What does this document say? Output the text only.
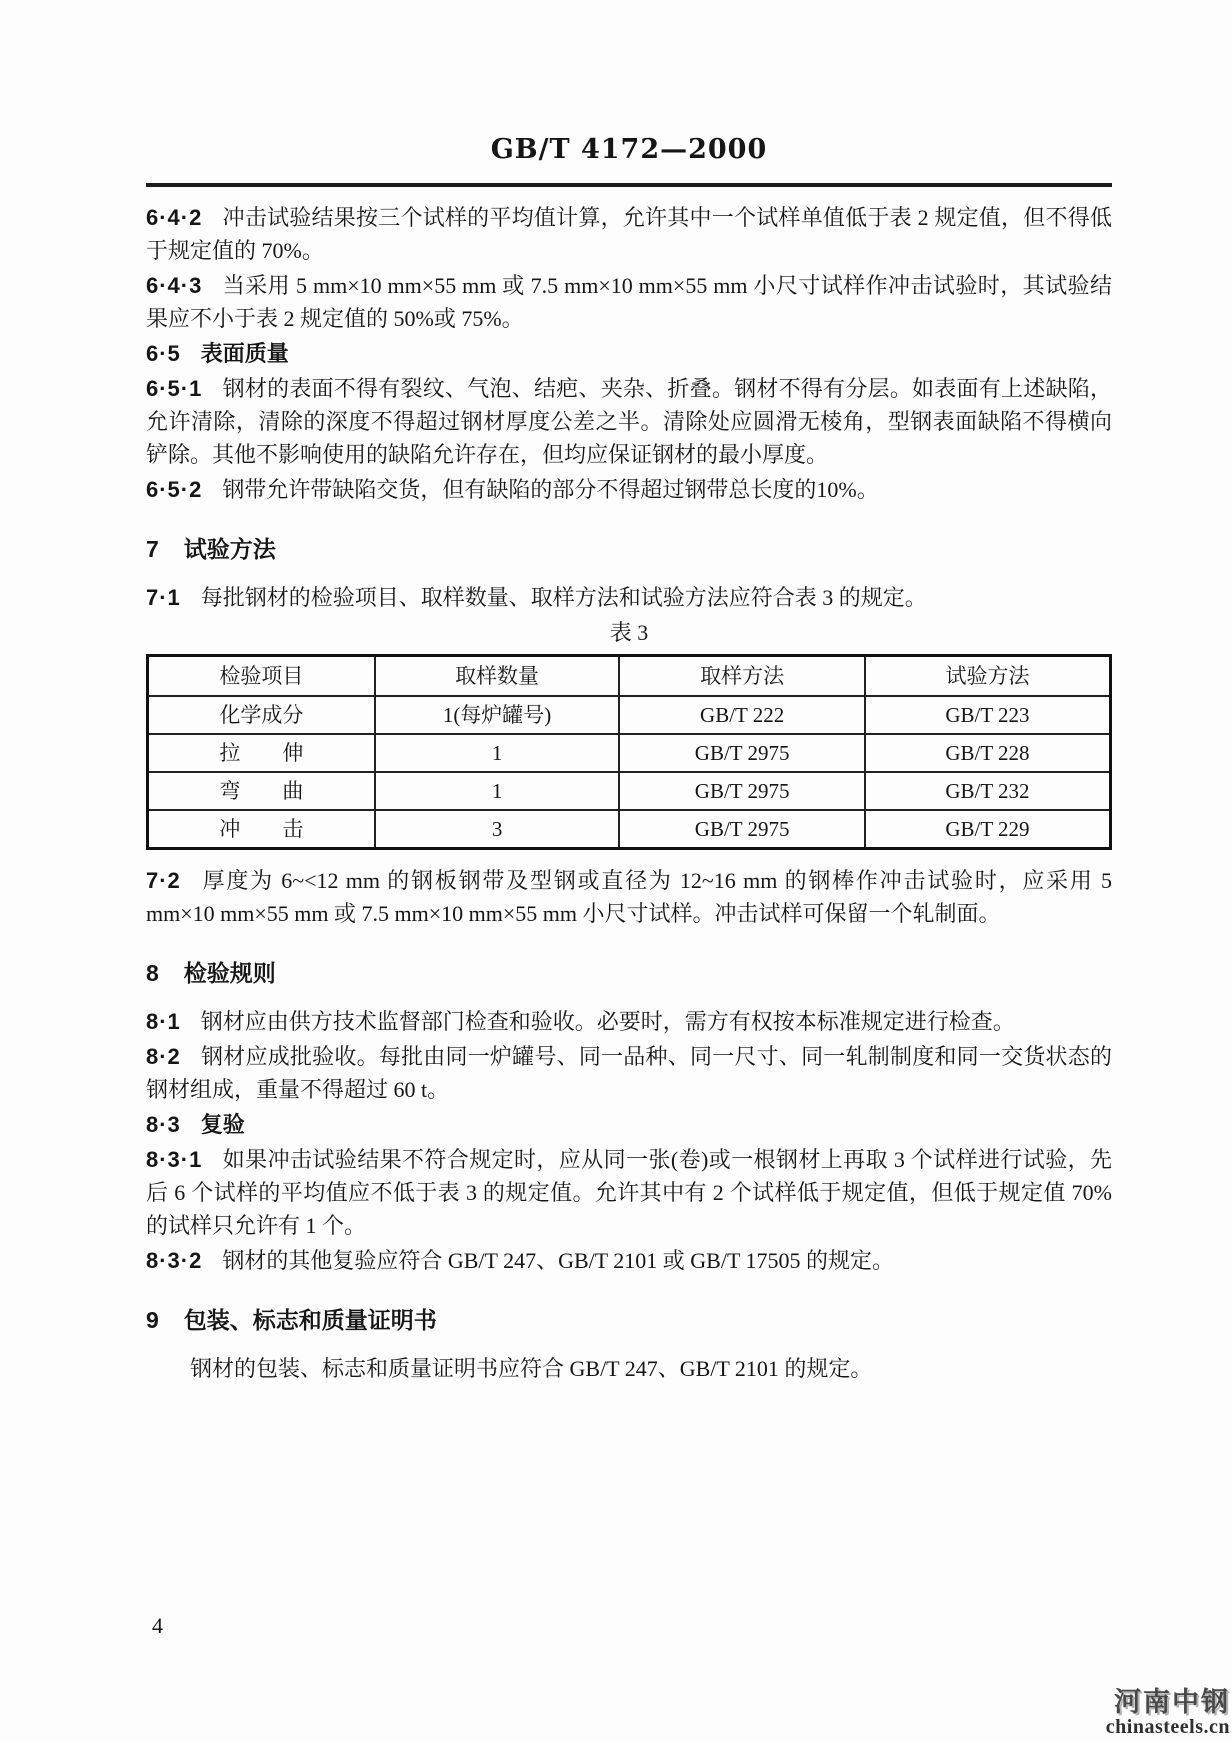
GB/T 4172—2000

6·4·2 冲击试验结果按三个试样的平均值计算，允许其中一个试样单值低于表 2 规定值，但不得低于规定值的 70%。

6·4·3 当采用 5 mm×10 mm×55 mm 或 7.5 mm×10 mm×55 mm 小尺寸试样作冲击试验时，其试验结果应不小于表 2 规定值的 50%或 75%。

6·5 表面质量

6·5·1 钢材的表面不得有裂纹、气泡、结疤、夹杂、折叠。钢材不得有分层。如表面有上述缺陷，允许清除，清除的深度不得超过钢材厚度公差之半。清除处应圆滑无棱角，型钢表面缺陷不得横向铲除。其他不影响使用的缺陷允许存在，但均应保证钢材的最小厚度。

6·5·2 钢带允许带缺陷交货，但有缺陷的部分不得超过钢带总长度的10%。

7 试验方法

7·1 每批钢材的检验项目、取样数量、取样方法和试验方法应符合表 3 的规定。

表 3
检验项目	取样数量	取样方法	试验方法
化学成分	1(每炉罐号)	GB/T 222	GB/T 223
拉　　伸	1	GB/T 2975	GB/T 228
弯　　曲	1	GB/T 2975	GB/T 232
冲　　击	3	GB/T 2975	GB/T 229

7·2 厚度为 6~<12 mm 的钢板钢带及型钢或直径为 12~16 mm 的钢棒作冲击试验时，应采用 5 mm×10 mm×55 mm 或 7.5 mm×10 mm×55 mm 小尺寸试样。冲击试样可保留一个轧制面。

8 检验规则

8·1 钢材应由供方技术监督部门检查和验收。必要时，需方有权按本标准规定进行检查。

8·2 钢材应成批验收。每批由同一炉罐号、同一品种、同一尺寸、同一轧制制度和同一交货状态的钢材组成，重量不得超过 60 t。

8·3 复验

8·3·1 如果冲击试验结果不符合规定时，应从同一张(卷)或一根钢材上再取 3 个试样进行试验，先后 6 个试样的平均值应不低于表 3 的规定值。允许其中有 2 个试样低于规定值，但低于规定值 70%的试样只允许有 1 个。

8·3·2 钢材的其他复验应符合 GB/T 247、GB/T 2101 或 GB/T 17505 的规定。

9 包装、标志和质量证明书

钢材的包装、标志和质量证明书应符合 GB/T 247、GB/T 2101 的规定。

4
河南中钢
chinasteels.cn
